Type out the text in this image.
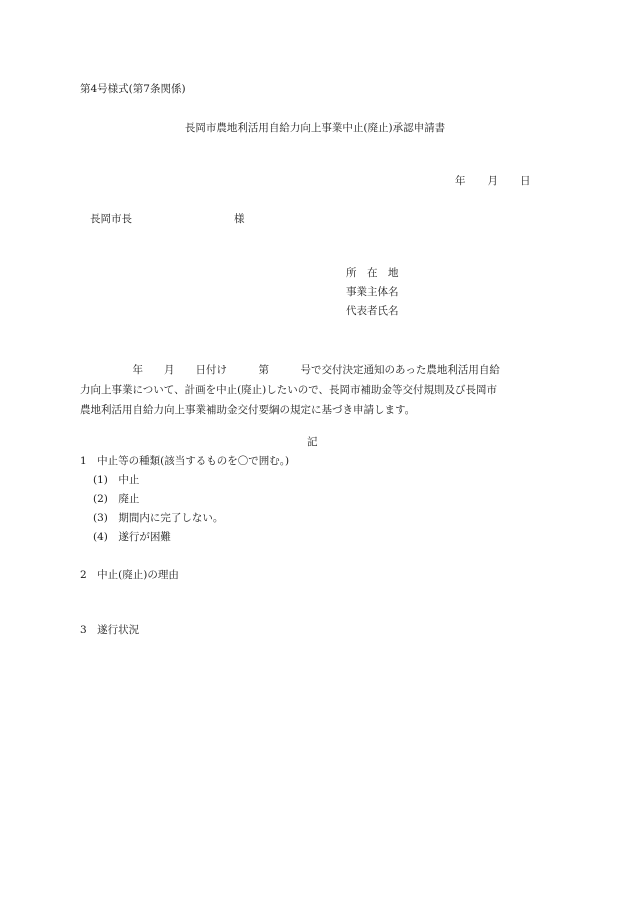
第4号様式(第7条関係)
長岡市農地利活用自給力向上事業中止(廃止)承認申請書
年 月 日
長岡市長	様
所　在　地
事業主体名
代表者氏名
　　　　　年　　月　　日付け　　　第　　　号で交付決定通知のあった農地利活用自給
力向上事業について、計画を中止(廃止)したいので、長岡市補助金等交付規則及び長岡市
農地利活用自給力向上事業補助金交付要綱の規定に基づき申請します。
記
1　中止等の種類(該当するものを〇で囲む。)
(1)　中止
(2)　廃止
(3)　期間内に完了しない。
(4)　遂行が困難
2　中止(廃止)の理由
3　遂行状況
